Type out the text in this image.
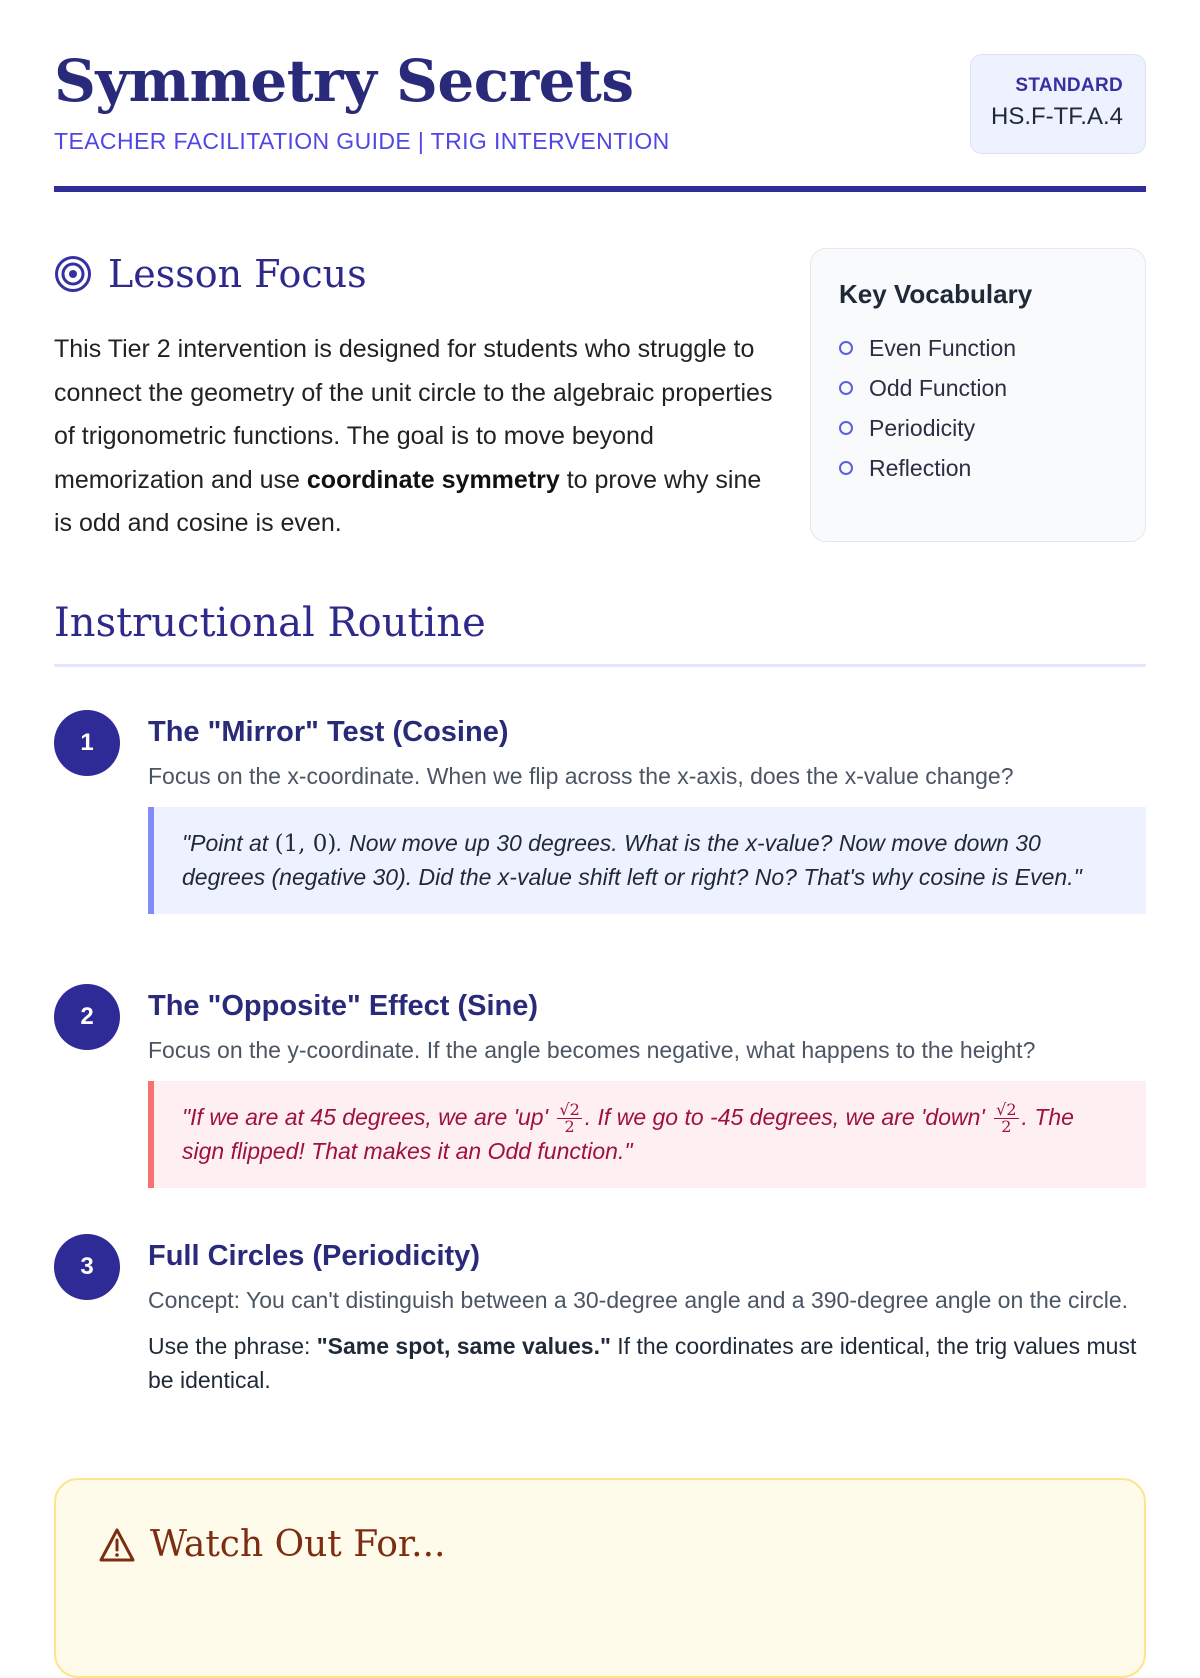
Symmetry Secrets
TEACHER FACILITATION GUIDE | TRIG INTERVENTION
STANDARD
HS.F-TF.A.4
Lesson Focus

This Tier 2 intervention is designed for students who struggle to connect the geometry of the unit circle to the algebraic properties of trigonometric functions. The goal is to move beyond memorization and use coordinate symmetry to prove why sine is odd and cosine is even.

Key Vocabulary
Even Function
Odd Function
Periodicity
Reflection
Instructional Routine
1	The "Mirror" Test (Cosine)
Focus on the x-coordinate. When we flip across the x-axis, does the x-value change?
"Point at (1, 0). Now move up 30 degrees. What is the x-value? Now move down 30 degrees (negative 30). Did the x-value shift left or right? No? That's why cosine is Even."
2	The "Opposite" Effect (Sine)
Focus on the y-coordinate. If the angle becomes negative, what happens to the height?
"If we are at 45 degrees, we are '$up' \frac{√2}{2}$ . If we go to -45 degrees, we are 'down' $\frac{√2}{2}$ . The sign flipped! That makes it an Odd function."
3	Full Circles (Periodicity)
Concept: You can't distinguish between a 30-degree angle and a 390-degree angle on the circle.
Use the phrase: "Same spot, same values." If the coordinates are identical, the trig values must be identical.
Watch Out For...
